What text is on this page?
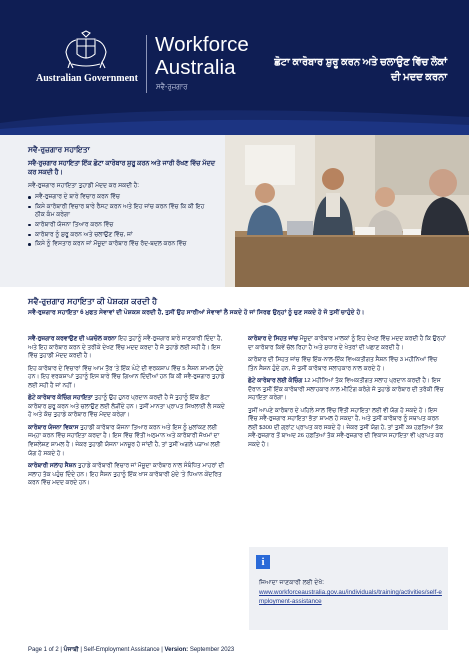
Australian Government
Workforce
Australia
ਸਵੈ-ਰੁਜ਼ਗਾਰ
ਛੋਟਾ ਕਾਰੋਬਾਰ ਸ਼ੁਰੂ ਕਰਨ ਅਤੇ ਚਲਾਉਣ ਵਿੱਚ ਲੋਕਾਂ ਦੀ ਮਦਦ ਕਰਨਾ
ਸਵੈ-ਰੁਜ਼ਗਾਰ ਸਹਾਇਤਾ
ਸਵੈ-ਰੁਜ਼ਗਾਰ ਸਹਾਇਤਾ ਇੱਕ ਛੋਟਾ ਕਾਰੋਬਾਰ ਸ਼ੁਰੂ ਕਰਨ ਅਤੇ ਜਾਰੀ ਰੱਖਣ ਵਿੱਚ ਮੱਦਦ ਕਰ ਸਕਦੀ ਹੈ।
ਸਵੈ-ਰੁਜ਼ਗਾਰ ਸਹਾਇਤਾ ਤੁਹਾਡੀ ਮੱਦਦ ਕਰ ਸਕਦੀ ਹੈ:
ਸਵੈ-ਰੁਜ਼ਗਾਰ ਦੇ ਬਾਰੇ ਵਿਚਾਰ ਕਰਨ ਵਿੱਚ
ਕਿਸੇ ਕਾਰੋਬਾਰੀ ਵਿਚਾਰ ਬਾਰੇ ਰੈਸਟ ਕਰਨ ਅਤੇ ਇਹ ਜਾਂਚ ਕਰਨ ਵਿੱਚ ਕਿ ਕੀ ਇਹ ਠੀਕ ਕੰਮ ਕਰੇਗਾ
ਕਾਰੋਬਾਰੀ ਯੋਜਨਾ ਤਿਆਰ ਕਰਨ ਵਿੱਚ
ਕਾਰੋਬਾਰ ਨੂੰ ਸ਼ੁਰੂ ਕਰਨ ਅਤੇ ਚਲਾਉਣ ਵਿੱਚ, ਜਾਂ
ਕਿਸੇ ਨੂੰ ਵਿਸਤਾਰ ਕਰਨ ਜਾਂ ਮੌਜੂਦਾ ਕਾਰੋਬਾਰ ਵਿੱਚ ਰੱਦ-ਬਦਲ ਕਰਨ ਵਿੱਚ
ਸਵੈ-ਰੁਜ਼ਗਾਰ ਸਹਾਇਤਾ ਕੀ ਪੇਸ਼ਕਸ਼ ਕਰਦੀ ਹੈ
ਸਵੈ-ਰੁਜ਼ਗਾਰ ਸਹਾਇਤਾ 6 ਮੁਫਤ ਸੇਵਾਵਾਂ ਦੀ ਪੇਸ਼ਕਸ਼ ਕਰਦੀ ਹੈ, ਤੁਸੀਂ ਉਹ ਸਾਰੀਆਂ ਸੇਵਾਵਾਂ ਲੈ ਸਕਦੇ ਹੋ ਜਾਂ ਸਿਰਫ ਉਨ੍ਹਾਂ ਨੂੰ ਚੁਣ ਸਕਦੇ ਹੋ ਜੋ ਤੁਸੀਂ ਚਾਹੁੰਦੇ ਹੋ।

ਸਵੈ-ਰੁਜ਼ਗਾਰ ਕਰਵਾਉਣ ਦੀ ਪੜਚੋਲ ਕਰਨਾ ਇਹ ਤੁਹਾਨੂੰ ਸਵੈ-ਰੁਜ਼ਗਾਰ ਬਾਰੇ ਜਾਣਕਾਰੀ ਦਿੰਦਾ ਹੈ, ਅਤੇ ਇਹ ਕਾਰੋਬਾਰ ਕਰਨ ਦੇ ਤਰੀਕੇ ਦੇਖਣ ਵਿੱਚ ਮਦਦ ਕਰਦਾ ਹੈ ਜੋ ਤੁਹਾਡੇ ਲਈ ਸਹੀ ਹੈ। ਇਸ ਵਿੱਚ ਤੁਹਾਡੀ ਮੱਦਦ ਕਰਦੀ ਹੈ।

ਇਹ ਕਾਰੋਬਾਰ ਦੇ ਵਿਚਾਰਾਂ ਵਿੱਚ ਆਮ ਤੌਰ 'ਤੇ ਇੱਕ ਘੰਟੇ ਦੀ ਵਰਕਸ਼ਾਪ ਵਿੱਚ 5 ਸੈਸ਼ਨ ਸ਼ਾਮਲ ਹੁੰਦੇ ਹਨ। ਇਹ ਵਰਕਸ਼ਾਪਾਂ ਤੁਹਾਨੂੰ ਇਸ ਬਾਰੇ ਵਿੱਚ ਗਿਆਨ ਦਿੰਦੀਆਂ ਹਨ ਕਿ ਕੀ ਸਵੈ-ਰੁਜ਼ਗਾਰ ਤੁਹਾਡੇ ਲਈ ਸਹੀ ਹੈ ਜਾਂ ਨਹੀਂ।

ਛੋਟੇ ਕਾਰੋਬਾਰ ਕੋਚਿੰਗ ਸਹਾਇਤਾ ਤੁਹਾਨੂੰ ਉਹ ਹੁਨਰ ਪ੍ਰਦਾਨ ਕਰਦੀ ਹੈ ਜੋ ਤੁਹਾਨੂੰ ਇੱਕ ਛੋਟਾ ਕਾਰੋਬਾਰ ਸ਼ੁਰੂ ਕਰਨ ਅਤੇ ਚਲਾਉਣ ਲਈ ਲੋੜੀਂਦੇ ਹਨ। ਤੁਸੀਂ ਮਾਨਤਾ ਪ੍ਰਾਪਤ ਸਿਖਲਾਈ ਲੈ ਸਕਦੇ ਹੋ ਅਤੇ ਕੋਚ ਤੁਹਾਡੇ ਕਾਰੋਬਾਰ ਵਿੱਚ ਮੱਦਦ ਕਰੇਗਾ।

ਕਾਰੋਬਾਰ ਯੋਜਨਾ ਵਿਕਾਸ ਤੁਹਾਡੀ ਕਾਰੋਬਾਰ ਯੋਜਨਾ ਤਿਆਰ ਕਰਨ ਅਤੇ ਇਸ ਨੂੰ ਮੁਲਾਂਕਣ ਲਈ ਜਮ੍ਹਾ ਕਰਨ ਵਿੱਚ ਸਹਾਇਤਾ ਕਰਦਾ ਹੈ। ਇਸ ਵਿੱਚ ਵਿੱਤੀ ਅਨੁਮਾਨ ਅਤੇ ਕਾਰੋਬਾਰੀ ਜੋਖਮਾਂ ਦਾ ਵਿਸ਼ਲੇਸ਼ਣ ਸ਼ਾਮਲ ਹੈ। ਜੇਕਰ ਤੁਹਾਡੀ ਯੋਜਨਾ ਮਨਜ਼ੂਰ ਹੋ ਜਾਂਦੀ ਹੈ, ਤਾਂ ਤੁਸੀਂ ਅਗਲੇ ਪੜਾਅ ਲਈ ਯੋਗ ਹੋ ਸਕਦੇ ਹੋ।

ਕਾਰੋਬਾਰੀ ਸਲਾਹ ਸੈਸ਼ਨ ਤੁਹਾਡੇ ਕਾਰੋਬਾਰੀ ਵਿਚਾਰ ਜਾਂ ਮੌਜੂਦਾ ਕਾਰੋਬਾਰ ਨਾਲ ਸੰਬੰਧਿਤ ਮਾਹਰਾਂ ਦੀ ਸਲਾਹ ਤੱਕ ਪਹੁੰਚ ਦਿੰਦੇ ਹਨ। ਇਹ ਸੈਸ਼ਨ ਤੁਹਾਨੂੰ ਇੱਕ ਖਾਸ ਕਾਰੋਬਾਰੀ ਮੁੱਦੇ 'ਤੇ ਧਿਆਨ ਕੇਂਦਰਿਤ ਕਰਨ ਵਿੱਚ ਮਦਦ ਕਰਦੇ ਹਨ।

ਕਾਰੋਬਾਰ ਦੇ ਸਿਹਤ ਜਾਂਚ ਮੌਜੂਦਾ ਕਾਰੋਬਾਰ ਮਾਲਕਾਂ ਨੂੰ ਇਹ ਦੇਖਣ ਵਿੱਚ ਮਦਦ ਕਰਦੀ ਹੈ ਕਿ ਉਨ੍ਹਾਂ ਦਾ ਕਾਰੋਬਾਰ ਕਿਵੇਂ ਚੱਲ ਰਿਹਾ ਹੈ ਅਤੇ ਸੁਧਾਰ ਦੇ ਖੇਤਰਾਂ ਦੀ ਪਛਾਣ ਕਰਦੀ ਹੈ।

ਕਾਰੋਬਾਰ ਦੀ ਸਿਹਤ ਜਾਂਚ ਵਿੱਚ ਇੱਕ-ਨਾਲ-ਇੱਕ ਵਿਅਕਤੀਗਤ ਸੈਸ਼ਨ ਵਿੱਚ 3 ਮਹੀਨਿਆਂ ਵਿੱਚ ਤਿੰਨ ਸੈਸ਼ਨ ਹੁੰਦੇ ਹਨ, ਜੋ ਤੁਸੀਂ ਕਾਰੋਬਾਰ ਸਲਾਹਕਾਰ ਨਾਲ ਕਰਦੇ ਹੋ।

ਛੋਟੇ ਕਾਰੋਬਾਰ ਲਈ ਕੋਚਿੰਗ 12 ਮਹੀਨਿਆਂ ਤੱਕ ਵਿਅਕਤੀਗਤ ਸਲਾਹ ਪ੍ਰਦਾਨ ਕਰਦੀ ਹੈ। ਇਸ ਦੌਰਾਨ ਤੁਸੀਂ ਇੱਕ ਕਾਰੋਬਾਰੀ ਸਲਾਹਕਾਰ ਨਾਲ ਮੀਟਿੰਗ ਕਰੋਗੇ ਜੋ ਤੁਹਾਡੇ ਕਾਰੋਬਾਰ ਦੀ ਤਰੱਕੀ ਵਿੱਚ ਸਹਾਇਤਾ ਕਰੇਗਾ।

ਤੁਸੀਂ ਆਪਣੇ ਕਾਰੋਬਾਰ ਦੇ ਪਹਿਲੇ ਸਾਲ ਵਿੱਚ ਵਿੱਤੀ ਸਹਾਇਤਾ ਲਈ ਵੀ ਯੋਗ ਹੋ ਸਕਦੇ ਹੋ। ਇਸ ਵਿੱਚ ਸਵੈ-ਰੁਜ਼ਗਾਰ ਸਹਾਇਤਾ ਭੱਤਾ ਸ਼ਾਮਲ ਹੋ ਸਕਦਾ ਹੈ, ਅਤੇ ਤੁਸੀਂ ਕਾਰੋਬਾਰ ਨੂੰ ਸਥਾਪਤ ਕਰਨ ਲਈ $300 ਦੀ ਗ੍ਰਾਂਟ ਪ੍ਰਾਪਤ ਕਰ ਸਕਦੇ ਹੋ। ਜੇਕਰ ਤੁਸੀਂ ਯੋਗ ਹੋ, ਤਾਂ ਤੁਸੀਂ 39 ਹਫ਼ਤਿਆਂ ਤੱਕ ਸਵੈ-ਰੁਜ਼ਗਾਰ ਤੋਂ ਬਾਅਦ 26 ਹਫ਼ਤਿਆਂ ਤੱਕ ਸਵੈ-ਰੁਜ਼ਗਾਰ ਦੀ ਵਿਕਾਸ ਸਹਾਇਤਾ ਵੀ ਪ੍ਰਾਪਤ ਕਰ ਸਕਦੇ ਹੋ।

i
ਜਿਆਦਾ ਜਾਣਕਾਰੀ ਲਈ ਦੇਖੋ:
www.workforceaustralia.gov.au/individuals/training/activities/self-employment-assistance
Page 1 of 2 | ਪੰਜਾਬੀ | Self-Employment Assistance | Version: September 2023
